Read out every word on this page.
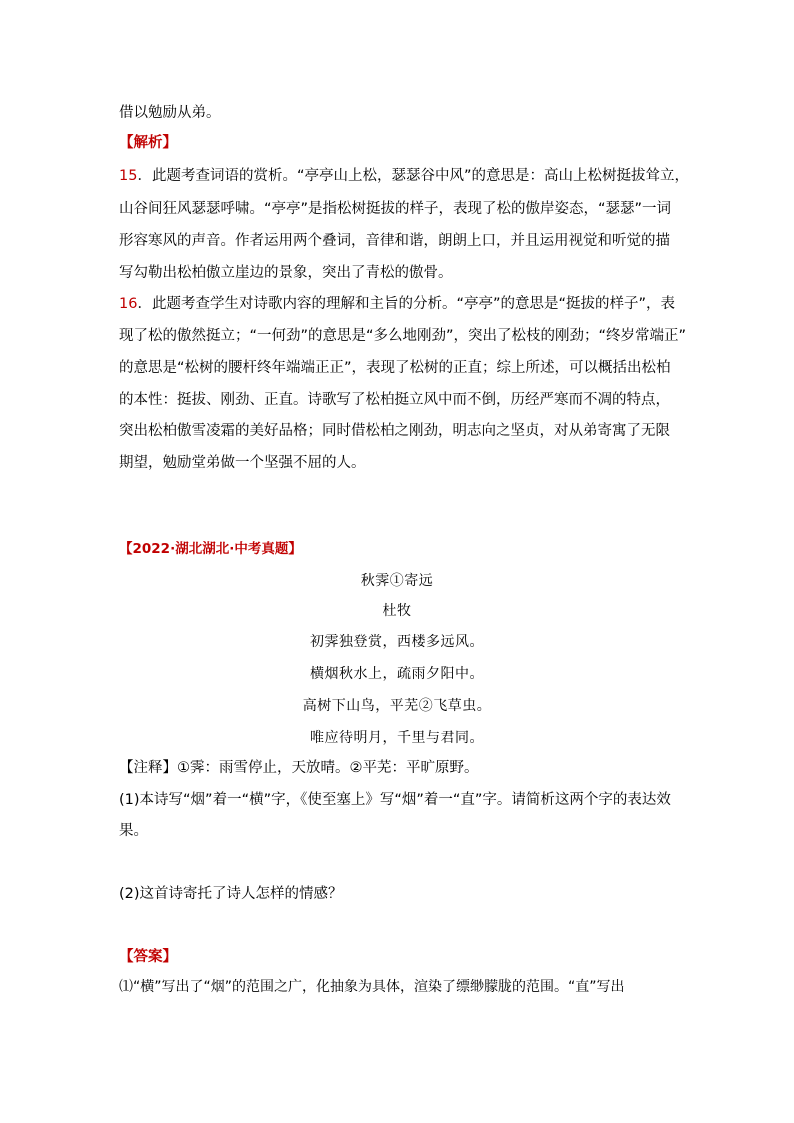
借以勉励从弟。
【解析】
15．此题考查词语的赏析。“亭亭山上松，瑟瑟谷中风”的意思是：高山上松树挺拔耸立，
山谷间狂风瑟瑟呼啸。“亭亭”是指松树挺拔的样子，表现了松的傲岸姿态，“瑟瑟”一词
形容寒风的声音。作者运用两个叠词，音律和谐，朗朗上口，并且运用视觉和听觉的描
写勾勒出松柏傲立崖边的景象，突出了青松的傲骨。
16．此题考查学生对诗歌内容的理解和主旨的分析。“亭亭”的意思是“挺拔的样子”，表
现了松的傲然挺立；“一何劲”的意思是“多么地刚劲”，突出了松枝的刚劲；“终岁常端正”
的意思是“松树的腰杆终年端端正正”，表现了松树的正直；综上所述，可以概括出松柏
的本性：挺拔、刚劲、正直。诗歌写了松柏挺立风中而不倒，历经严寒而不凋的特点，
突出松柏傲雪凌霜的美好品格；同时借松柏之刚劲，明志向之坚贞，对从弟寄寓了无限
期望，勉励堂弟做一个坚强不屈的人。
【2022·湖北湖北·中考真题】
秋霁①寄远
杜牧
初霁独登赏，西楼多远风。
横烟秋水上，疏雨夕阳中。
高树下山鸟，平芜②飞草虫。
唯应待明月，千里与君同。
【注释】①霁：雨雪停止，天放晴。②平芜：平旷原野。
(1)本诗写“烟”着一“横”字，《使至塞上》写“烟”着一“直”字。请简析这两个字的表达效
果。
(2)这首诗寄托了诗人怎样的情感？
【答案】
⑴“横”写出了“烟”的范围之广，化抽象为具体，渲染了缥缈朦胧的范围。“直”写出
